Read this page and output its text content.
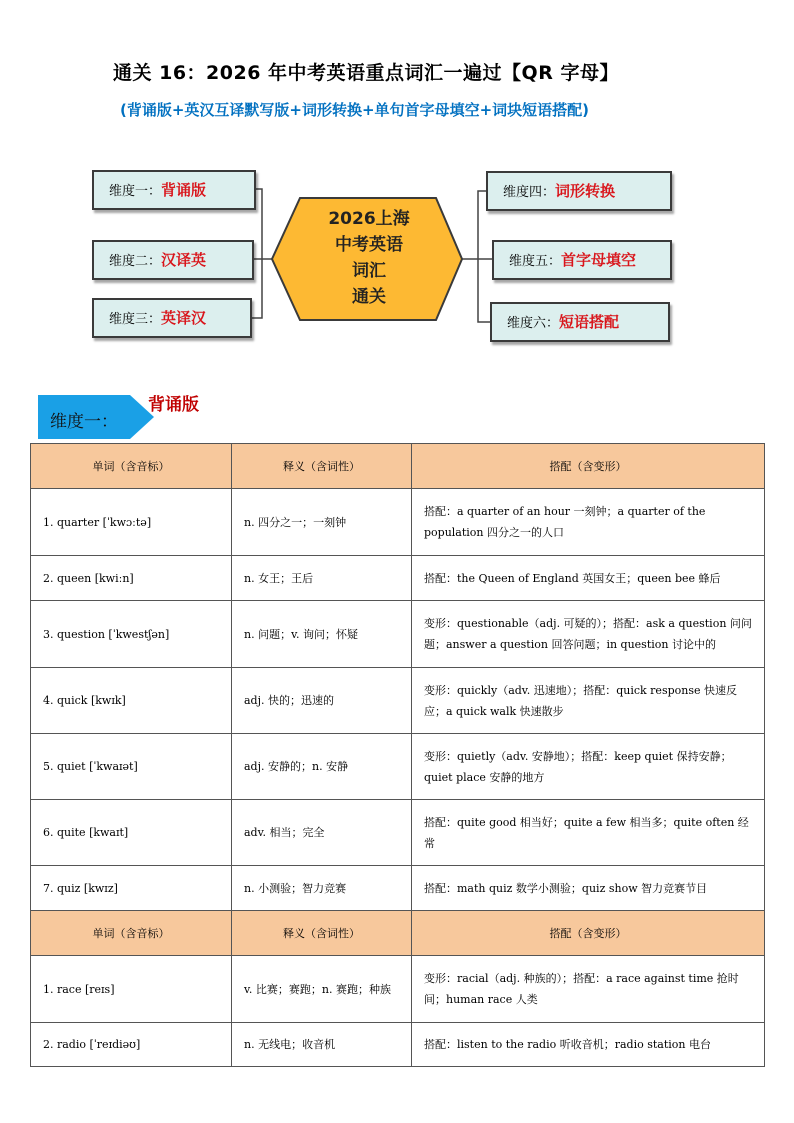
通关 16：2026 年中考英语重点词汇一遍过【QR 字母】
(背诵版+英汉互译默写版+词形转换+单句首字母填空+词块短语搭配)
2026上海
中考英语
词汇
通关
维度一：背诵版
维度二：汉译英
维度三：英译汉
维度四：词形转换
维度五：首字母填空
维度六：短语搭配
维度一：
背诵版
单词（含音标）	释义（含词性）	搭配（含变形）
1. quarter [ˈkwɔːtə]	n. 四分之一；一刻钟	搭配：a quarter of an hour 一刻钟；a quarter of the population 四分之一的人口
2. queen [kwiːn]	n. 女王；王后	搭配：the Queen of England 英国女王；queen bee 蜂后
3. question [ˈkwestʃən]	n. 问题；v. 询问；怀疑	变形：questionable（adj. 可疑的）；搭配：ask a question 问问题；answer a question 回答问题；in question 讨论中的
4. quick [kwɪk]	adj. 快的；迅速的	变形：quickly（adv. 迅速地）；搭配：quick response 快速反应；a quick walk 快速散步
5. quiet [ˈkwaɪət]	adj. 安静的；n. 安静	变形：quietly（adv. 安静地）；搭配：keep quiet 保持安静；quiet place 安静的地方
6. quite [kwaɪt]	adv. 相当；完全	搭配：quite good 相当好；quite a few 相当多；quite often 经常
7. quiz [kwɪz]	n. 小测验；智力竞赛	搭配：math quiz 数学小测验；quiz show 智力竞赛节目
单词（含音标）	释义（含词性）	搭配（含变形）
1. race [reɪs]	v. 比赛；赛跑；n. 赛跑；种族	变形：racial（adj. 种族的）；搭配：a race against time 抢时间；human race 人类
2. radio [ˈreɪdiəʊ]	n. 无线电；收音机	搭配：listen to the radio 听收音机；radio station 电台
